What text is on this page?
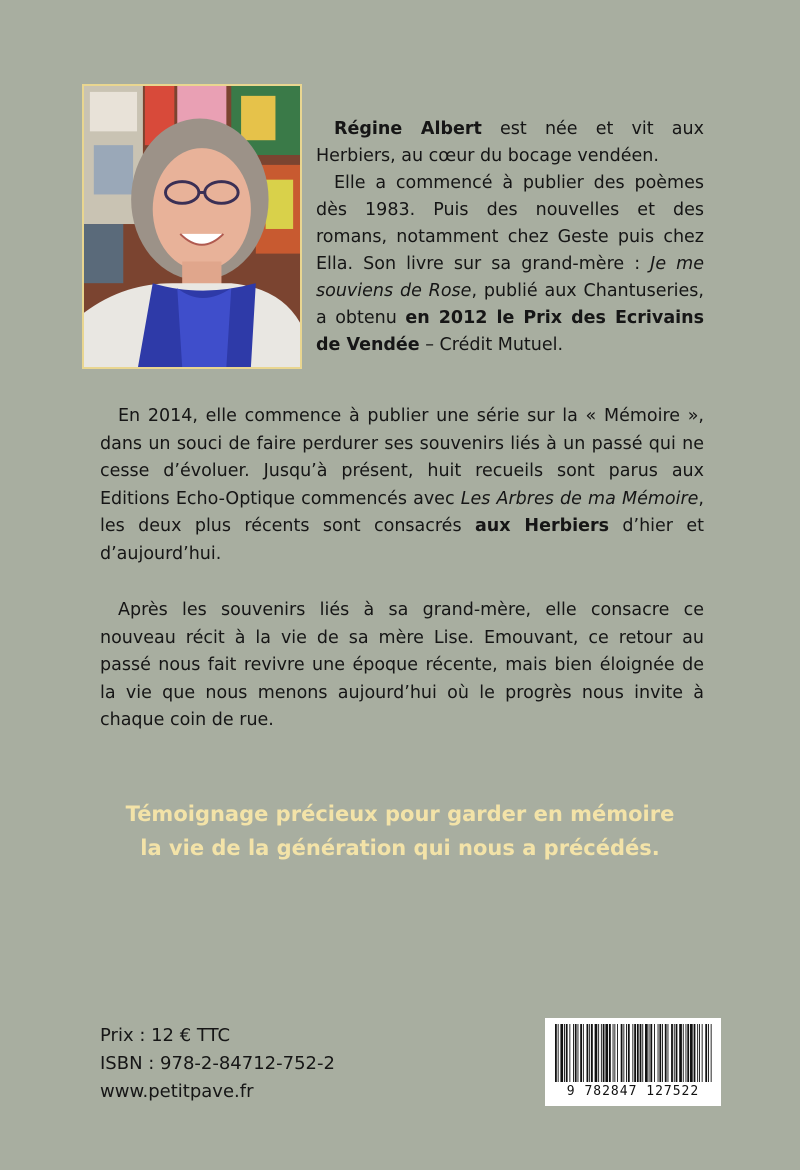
Régine Albert est née et vit aux Herbiers, au cœur du bocage vendéen.
Elle a commencé à publier des poèmes dès 1983. Puis des nouvelles et des romans, notamment chez Geste puis chez Ella. Son livre sur sa grand-mère : Je me souviens de Rose, publié aux Chantuseries, a obtenu en 2012 le Prix des Ecrivains de Vendée – Crédit Mutuel.

En 2014, elle commence à publier une série sur la « Mémoire », dans un souci de faire perdurer ses souvenirs liés à un passé qui ne cesse d’évoluer. Jusqu’à présent, huit recueils sont parus aux Editions Echo-Optique commencés avec Les Arbres de ma Mémoire, les deux plus récents sont consacrés aux Herbiers d’hier et d’aujourd’hui.

Après les souvenirs liés à sa grand-mère, elle consacre ce nouveau récit à la vie de sa mère Lise. Emouvant, ce retour au passé nous fait revivre une époque récente, mais bien éloignée de la vie que nous menons aujourd’hui où le progrès nous invite à chaque coin de rue.

Témoignage précieux pour garder en mémoire
la vie de la génération qui nous a précédés.
Prix : 12 € TTC
ISBN : 978-2-84712-752-2
www.petitpave.fr	9 782847 127522
